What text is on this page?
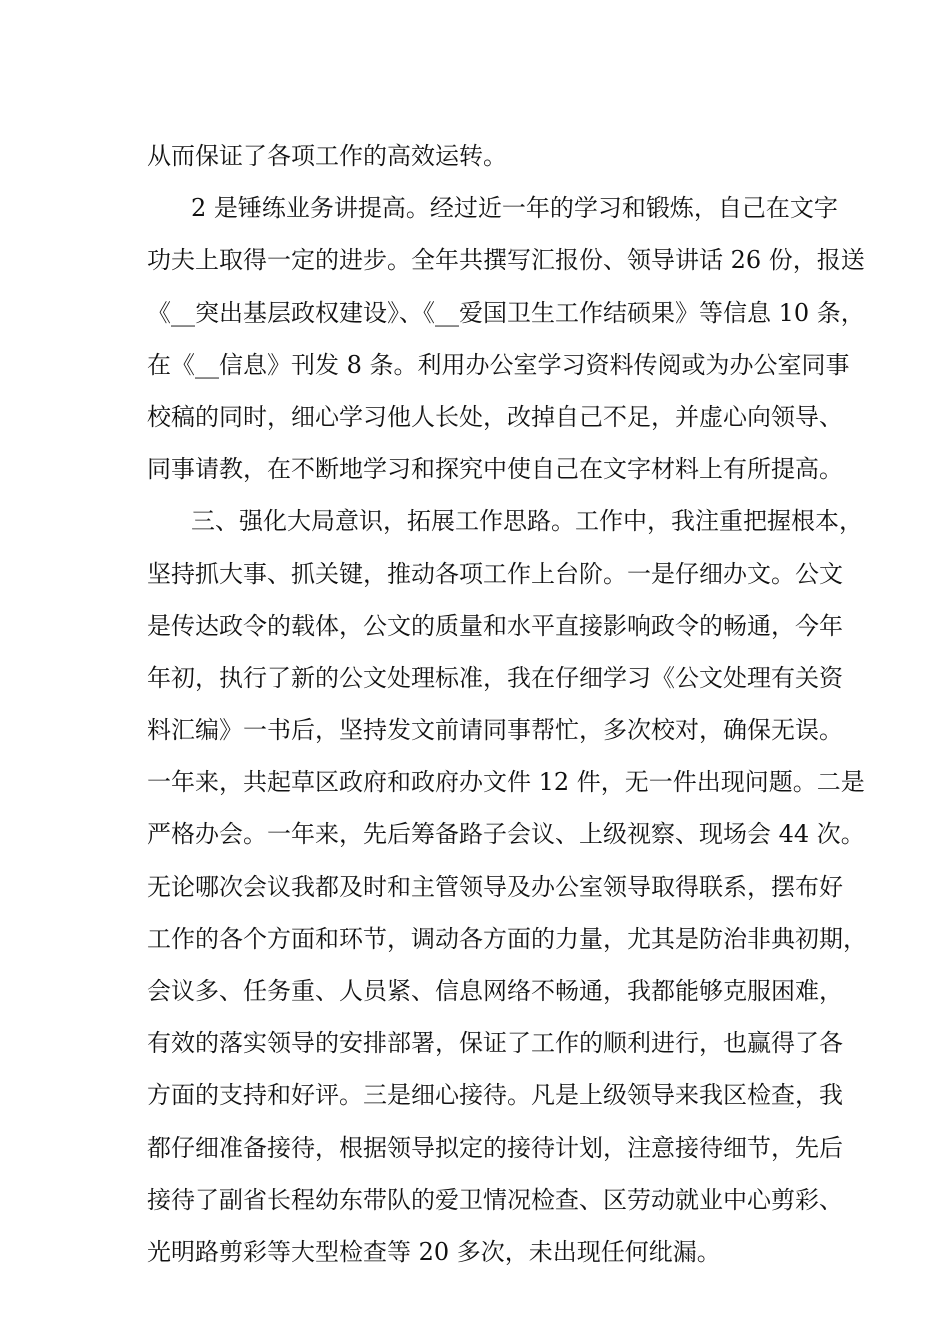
从而保证了各项工作的高效运转。
2 是锤练业务讲提高。经过近一年的学习和锻炼，自己在文字
功夫上取得一定的进步。全年共撰写汇报份、领导讲话 26 份，报送
《__突出基层政权建设》、《__爱国卫生工作结硕果》等信息 10 条，
在《__信息》刊发 8 条。利用办公室学习资料传阅或为办公室同事
校稿的同时，细心学习他人长处，改掉自己不足，并虚心向领导、
同事请教，在不断地学习和探究中使自己在文字材料上有所提高。
三、强化大局意识，拓展工作思路。工作中，我注重把握根本，
坚持抓大事、抓关键，推动各项工作上台阶。一是仔细办文。公文
是传达政令的载体，公文的质量和水平直接影响政令的畅通，今年
年初，执行了新的公文处理标准，我在仔细学习《公文处理有关资
料汇编》一书后，坚持发文前请同事帮忙，多次校对，确保无误。
一年来，共起草区政府和政府办文件 12 件，无一件出现问题。二是
严格办会。一年来，先后筹备路子会议、上级视察、现场会 44 次。
无论哪次会议我都及时和主管领导及办公室领导取得联系，摆布好
工作的各个方面和环节，调动各方面的力量，尤其是防治非典初期，
会议多、任务重、人员紧、信息网络不畅通，我都能够克服困难，
有效的落实领导的安排部署，保证了工作的顺利进行，也赢得了各
方面的支持和好评。三是细心接待。凡是上级领导来我区检查，我
都仔细准备接待，根据领导拟定的接待计划，注意接待细节，先后
接待了副省长程幼东带队的爱卫情况检查、区劳动就业中心剪彩、
光明路剪彩等大型检查等 20 多次，未出现任何纰漏。
